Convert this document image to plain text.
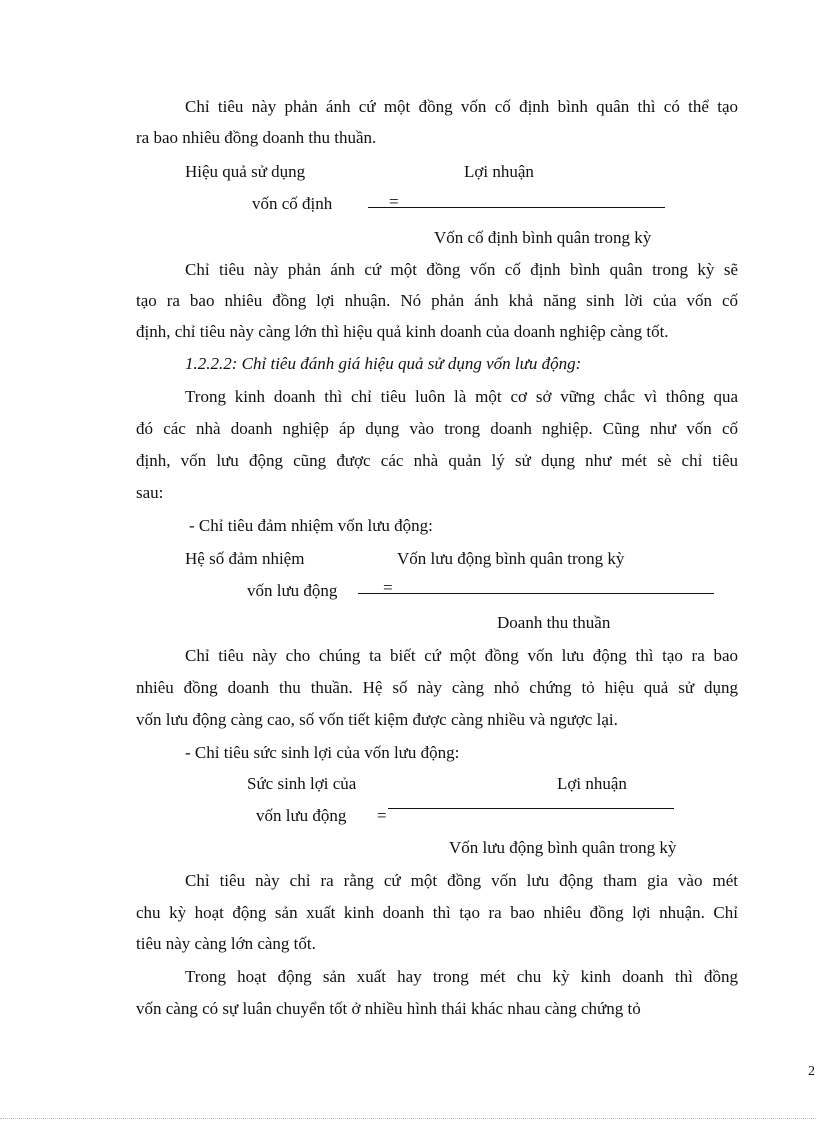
Chỉ tiêu này phản ánh cứ một đồng vốn cố định bình quân thì có thể tạo
ra bao nhiêu đồng doanh thu thuần.
Hiệu quả sử dụng	Lợi nhuận
vốn cố định	=
Vốn cố định bình quân trong kỳ
Chỉ tiêu này phản ánh cứ một đồng vốn cố định bình quân trong kỳ sẽ
tạo ra bao nhiêu đồng lợi nhuận. Nó phản ánh khả năng sinh lời của vốn cố
định, chỉ tiêu này càng lớn thì hiệu quả kinh doanh của doanh nghiệp càng tốt.
1.2.2.2: Chỉ tiêu đánh giá hiệu quả sử dụng vốn lưu động:
Trong kinh doanh thì chỉ tiêu luôn là một cơ sở vững chắc vì thông qua
đó các nhà doanh nghiệp áp dụng vào trong doanh nghiệp. Cũng như vốn cố
định, vốn lưu động cũng được các nhà quản lý sử dụng như mét sè chỉ tiêu
sau:
- Chỉ tiêu đảm nhiệm vốn lưu động:
Hệ số đảm nhiệm	Vốn lưu động bình quân trong kỳ
vốn lưu động	=
Doanh thu thuần
Chỉ tiêu này cho chúng ta biết cứ một đồng vốn lưu động thì tạo ra bao
nhiêu đồng doanh thu thuần. Hệ số này càng nhỏ chứng tỏ hiệu quả sử dụng
vốn lưu động càng cao, số vốn tiết kiệm được càng nhiều và ngược lại.
- Chỉ tiêu sức sinh lợi của vốn lưu động:
Sức sinh lợi của	Lợi nhuận
vốn lưu động =
Vốn lưu động bình quân trong kỳ
Chỉ tiêu này chỉ ra rằng cứ một đồng vốn lưu động tham gia vào mét
chu kỳ hoạt động sản xuất kinh doanh thì tạo ra bao nhiêu đồng lợi nhuận. Chỉ
tiêu này càng lớn càng tốt.
Trong hoạt động sản xuất hay trong mét chu kỳ kinh doanh thì đồng
vốn càng có sự luân chuyển tốt ở nhiều hình thái khác nhau càng chứng tỏ
2
